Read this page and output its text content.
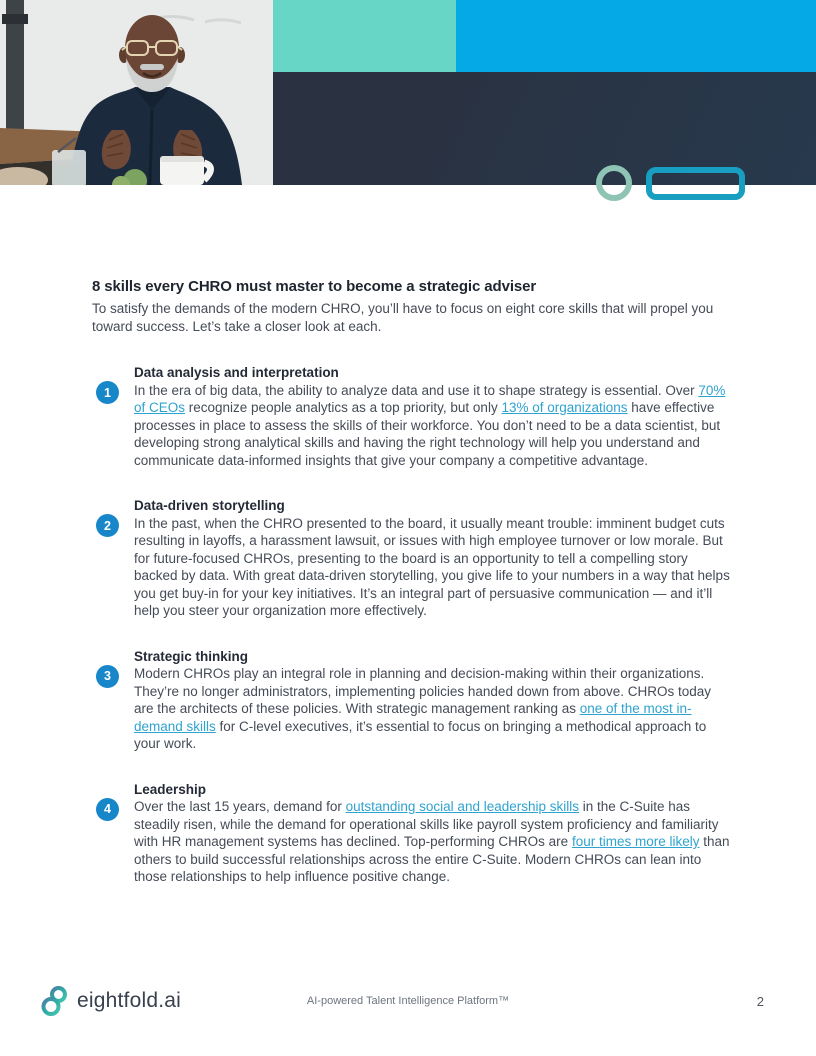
8 skills every CHRO must master to become a strategic adviser

To satisfy the demands of the modern CHRO, you’ll have to focus on eight core skills that will propel you toward success. Let’s take a closer look at each.

1
Data analysis and interpretation

In the era of big data, the ability to analyze data and use it to shape strategy is essential. Over 70% of CEOs recognize people analytics as a top priority, but only 13% of organizations have effective processes in place to assess the skills of their workforce. You don’t need to be a data scientist, but developing strong analytical skills and having the right technology will help you understand and communicate data-informed insights that give your company a competitive advantage.

2
Data-driven storytelling

In the past, when the CHRO presented to the board, it usually meant trouble: imminent budget cuts resulting in layoffs, a harassment lawsuit, or issues with high employee turnover or low morale. But for future-focused CHROs, presenting to the board is an opportunity to tell a compelling story backed by data. With great data-driven storytelling, you give life to your numbers in a way that helps you get buy-in for your key initiatives. It’s an integral part of persuasive communication — and it’ll help you steer your organization more effectively.

3
Strategic thinking

Modern CHROs play an integral role in planning and decision-making within their organizations. They’re no longer administrators, implementing policies handed down from above. CHROs today are the architects of these policies. With strategic management ranking as one of the most in-demand skills for C-level executives, it’s essential to focus on bringing a methodical approach to your work.

4
Leadership

Over the last 15 years, demand for outstanding social and leadership skills in the C-Suite has steadily risen, while the demand for operational skills like payroll system proficiency and familiarity with HR management systems has declined. Top-performing CHROs are four times more likely than others to build successful relationships across the entire C-Suite. Modern CHROs can lean into those relationships to help influence positive change.

eightfold.ai	AI-powered Talent Intelligence Platform™	2
